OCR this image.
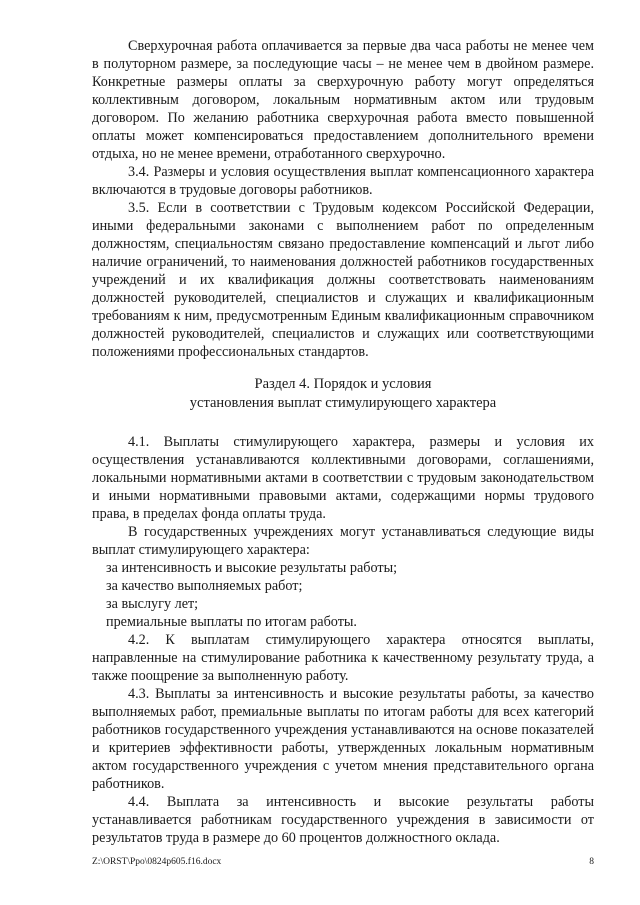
Сверхурочная работа оплачивается за первые два часа работы не менее чем в полуторном размере, за последующие часы – не менее чем в двойном размере. Конкретные размеры оплаты за сверхурочную работу могут определяться коллективным договором, локальным нормативным актом или трудовым договором. По желанию работника сверхурочная работа вместо повышенной оплаты может компенсироваться предоставлением дополнительного времени отдыха, но не менее времени, отработанного сверхурочно.

3.4. Размеры и условия осуществления выплат компенсационного характера включаются в трудовые договоры работников.

3.5. Если в соответствии с Трудовым кодексом Российской Федерации, иными федеральными законами с выполнением работ по определенным должностям, специальностям связано предоставление компенсаций и льгот либо наличие ограничений, то наименования должностей работников государственных учреждений и их квалификация должны соответствовать наименованиям должностей руководителей, специалистов и служащих и квалификационным требованиям к ним, предусмотренным Единым квалификационным справочником должностей руководителей, специалистов и служащих или соответствующими положениями профессиональных стандартов.

Раздел 4. Порядок и условия
установления выплат стимулирующего характера

4.1. Выплаты стимулирующего характера, размеры и условия их осуществления устанавливаются коллективными договорами, соглашениями, локальными нормативными актами в соответствии с трудовым законодательством и иными нормативными правовыми актами, содержащими нормы трудового права, в пределах фонда оплаты труда.

В государственных учреждениях могут устанавливаться следующие виды выплат стимулирующего характера:

за интенсивность и высокие результаты работы;

за качество выполняемых работ;

за выслугу лет;

премиальные выплаты по итогам работы.

4.2. К выплатам стимулирующего характера относятся выплаты, направленные на стимулирование работника к качественному результату труда, а также поощрение за выполненную работу.

4.3. Выплаты за интенсивность и высокие результаты работы, за качество выполняемых работ, премиальные выплаты по итогам работы для всех категорий работников государственного учреждения устанавливаются на основе показателей и критериев эффективности работы, утвержденных локальным нормативным актом государственного учреждения с учетом мнения представительного органа работников.

4.4. Выплата за интенсивность и высокие результаты работы устанавливается работникам государственного учреждения в зависимости от результатов труда в размере до 60 процентов должностного оклада.

Z:\ORST\Ppo\0824p605.f16.docx	8
